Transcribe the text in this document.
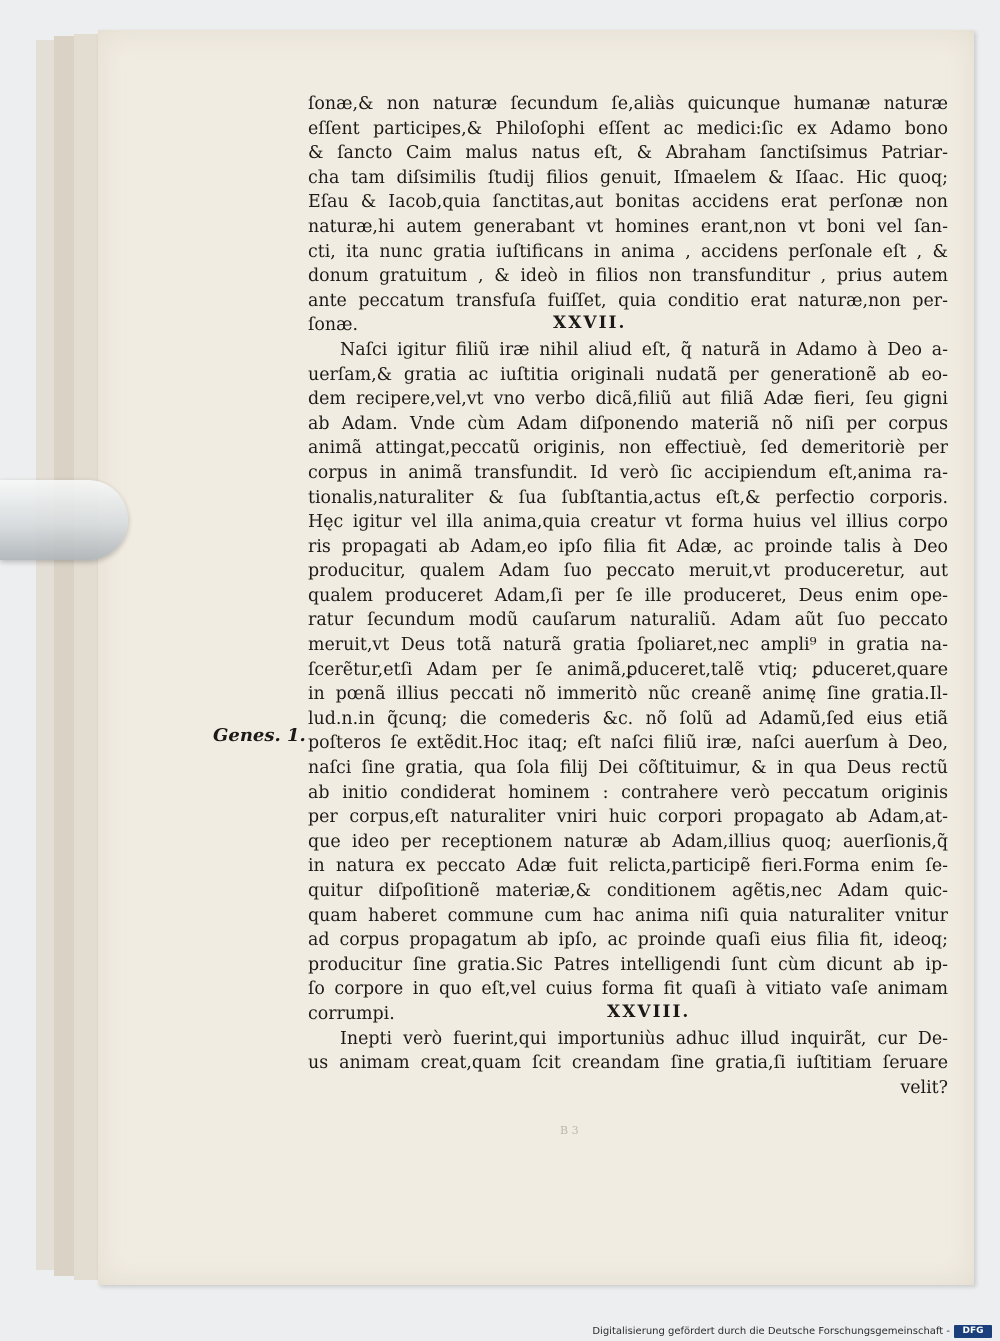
Genes. 1.
ſonæ,& non naturæ ſecundum ſe,aliàs quicunque humanæ naturæ
eſſent participes,& Philoſophi eſſent ac medici:ſic ex Adamo bono
& ſancto Caim malus natus eſt, & Abraham ſanctiſsimus Patriar-
cha tam diſsimilis ſtudij filios genuit, Iſmaelem & Iſaac. Hic quoq;
Eſau & Iacob,quia ſanctitas,aut bonitas accidens erat perſonæ non
naturæ,hi autem generabant vt homines erant,non vt boni vel ſan-
cti, ita nunc gratia iuſtificans in anima , accidens perſonale eſt , &
donum gratuitum , & ideò in filios non transfunditur , prius autem
ante peccatum transfuſa fuiſſet, quia conditio erat naturæ,non per-
ſonæ.
Naſci igitur filiũ iræ nihil aliud eſt, q̃ naturã in Adamo à Deo a-
uerſam,& gratia ac iuſtitia originali nudatã per generationẽ ab eo-
dem recipere,vel,vt vno verbo dicã,filiũ aut filiã Adæ fieri, ſeu gigni
ab Adam. Vnde cùm Adam diſponendo materiã nõ niſi per corpus
animã attingat,peccatũ originis, non effectiuè, ſed demeritoriè per
corpus in animã transfundit. Id verò ſic accipiendum eſt,anima ra-
tionalis,naturaliter & ſua ſubſtantia,actus eſt,& perfectio corporis.
Hęc igitur vel illa anima,quia creatur vt forma huius vel illius corpo
ris propagati ab Adam,eo ipſo filia fit Adæ, ac proinde talis à Deo
producitur, qualem Adam ſuo peccato meruit,vt produceretur, aut
qualem produceret Adam,ſi per ſe ille produceret, Deus enim ope-
ratur ſecundum modũ cauſarum naturaliũ. Adam aũt ſuo peccato
meruit,vt Deus totã naturã gratia ſpoliaret,nec ampli⁹ in gratia na-
ſcerẽtur,etſi Adam per ſe animã,ꝑduceret,talẽ vtiq; ꝑduceret,quare
in pœnã illius peccati nõ immeritò nũc creanẽ animę ſine gratia.Il-
lud.n.in q̃cunq; die comederis &c. nõ ſolũ ad Adamũ,ſed eius etiã
poſteros ſe extẽdit.Hoc itaq; eſt naſci filiũ iræ, naſci auerſum à Deo,
naſci ſine gratia, qua ſola filij Dei cõſtituimur, & in qua Deus rectũ
ab initio condiderat hominem : contrahere verò peccatum originis
per corpus,eſt naturaliter vniri huic corpori propagato ab Adam,at-
que ideo per receptionem naturæ ab Adam,illius quoq; auerſionis,q̃
in natura ex peccato Adæ fuit relicta,participẽ fieri.Forma enim ſe-
quitur diſpoſitionẽ materiæ,& conditionem agẽtis,nec Adam quic-
quam haberet commune cum hac anima niſi quia naturaliter vnitur
ad corpus propagatum ab ipſo, ac proinde quaſi eius filia fit, ideoq;
producitur ſine gratia.Sic Patres intelligendi ſunt cùm dicunt ab ip-
ſo corpore in quo eſt,vel cuius forma fit quaſi à vitiato vaſe animam
corrumpi.
Inepti verò fuerint,qui importuniùs adhuc illud inquirãt, cur De-
us animam creat,quam ſcit creandam ſine gratia,ſi iuſtitiam ſeruare
velit?
XXVII.
XXVIII.
B 3
Digitalisierung gefördert durch die Deutsche Forschungsgemeinschaft -	DFG
